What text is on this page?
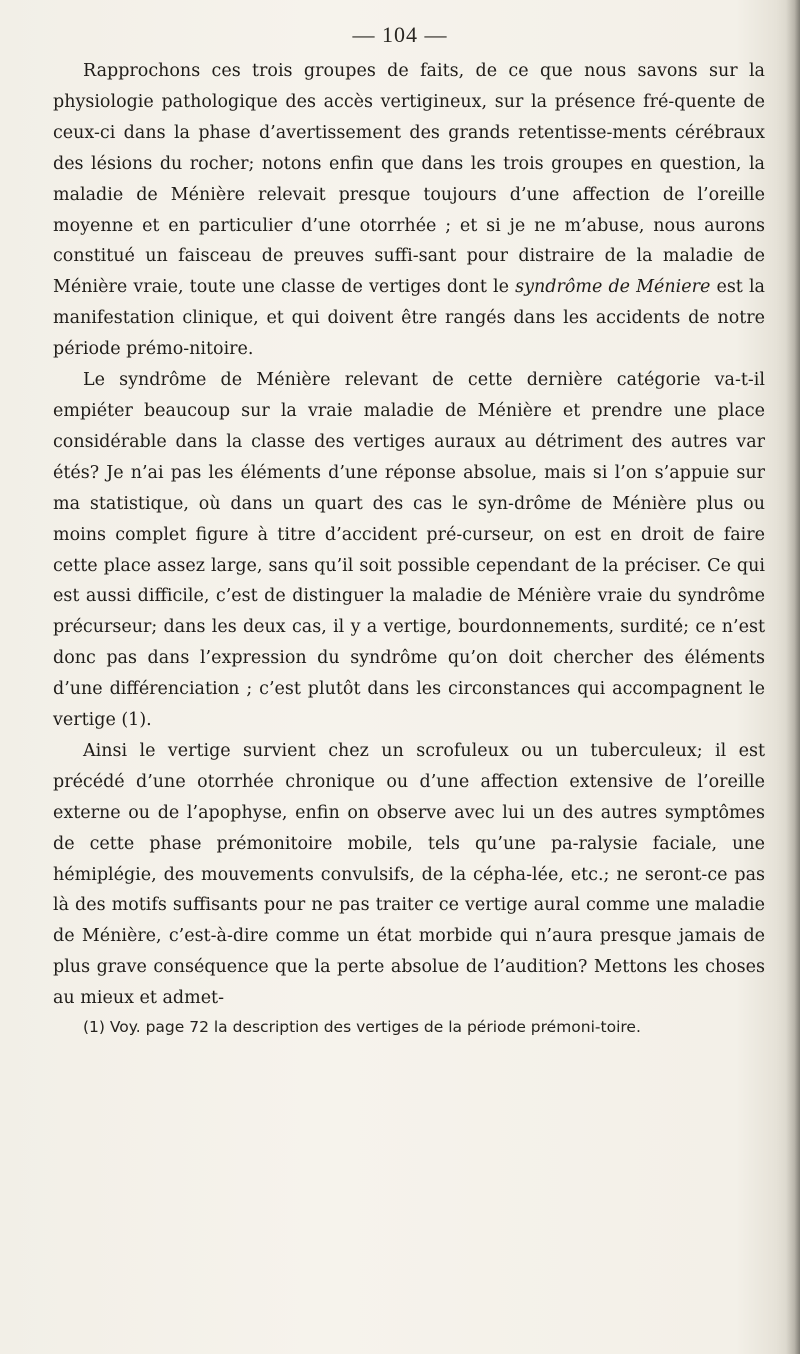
— 104 —

Rapprochons ces trois groupes de faits, de ce que nous savons sur la physiologie pathologique des accès vertigineux, sur la présence fré-quente de ceux-ci dans la phase d’avertissement des grands retentisse-ments cérébraux des lésions du rocher; notons enfin que dans les trois groupes en question, la maladie de Ménière relevait presque toujours d’une affection de l’oreille moyenne et en particulier d’une otorrhée ; et si je ne m’abuse, nous aurons constitué un faisceau de preuves suffi-sant pour distraire de la maladie de Ménière vraie, toute une classe de vertiges dont le syndrôme de Méniere est la manifestation clinique, et qui doivent être rangés dans les accidents de notre période prémo-nitoire.

Le syndrôme de Ménière relevant de cette dernière catégorie va-t-il empiéter beaucoup sur la vraie maladie de Ménière et prendre une place considérable dans la classe des vertiges auraux au détriment des autres var étés? Je n’ai pas les éléments d’une réponse absolue, mais si l’on s’appuie sur ma statistique, où dans un quart des cas le syn-drôme de Ménière plus ou moins complet figure à titre d’accident pré-curseur, on est en droit de faire cette place assez large, sans qu’il soit possible cependant de la préciser. Ce qui est aussi difficile, c’est de distinguer la maladie de Ménière vraie du syndrôme précurseur; dans les deux cas, il y a vertige, bourdonnements, surdité; ce n’est donc pas dans l’expression du syndrôme qu’on doit chercher des éléments d’une différenciation ; c’est plutôt dans les circonstances qui accompagnent le vertige (1).

Ainsi le vertige survient chez un scrofuleux ou un tuberculeux; il est précédé d’une otorrhée chronique ou d’une affection extensive de l’oreille externe ou de l’apophyse, enfin on observe avec lui un des autres symptômes de cette phase prémonitoire mobile, tels qu’une pa-ralysie faciale, une hémiplégie, des mouvements convulsifs, de la cépha-lée, etc.; ne seront-ce pas là des motifs suffisants pour ne pas traiter ce vertige aural comme une maladie de Ménière, c’est-à-dire comme un état morbide qui n’aura presque jamais de plus grave conséquence que la perte absolue de l’audition? Mettons les choses au mieux et admet-

(1) Voy. page 72 la description des vertiges de la période prémoni-toire.
